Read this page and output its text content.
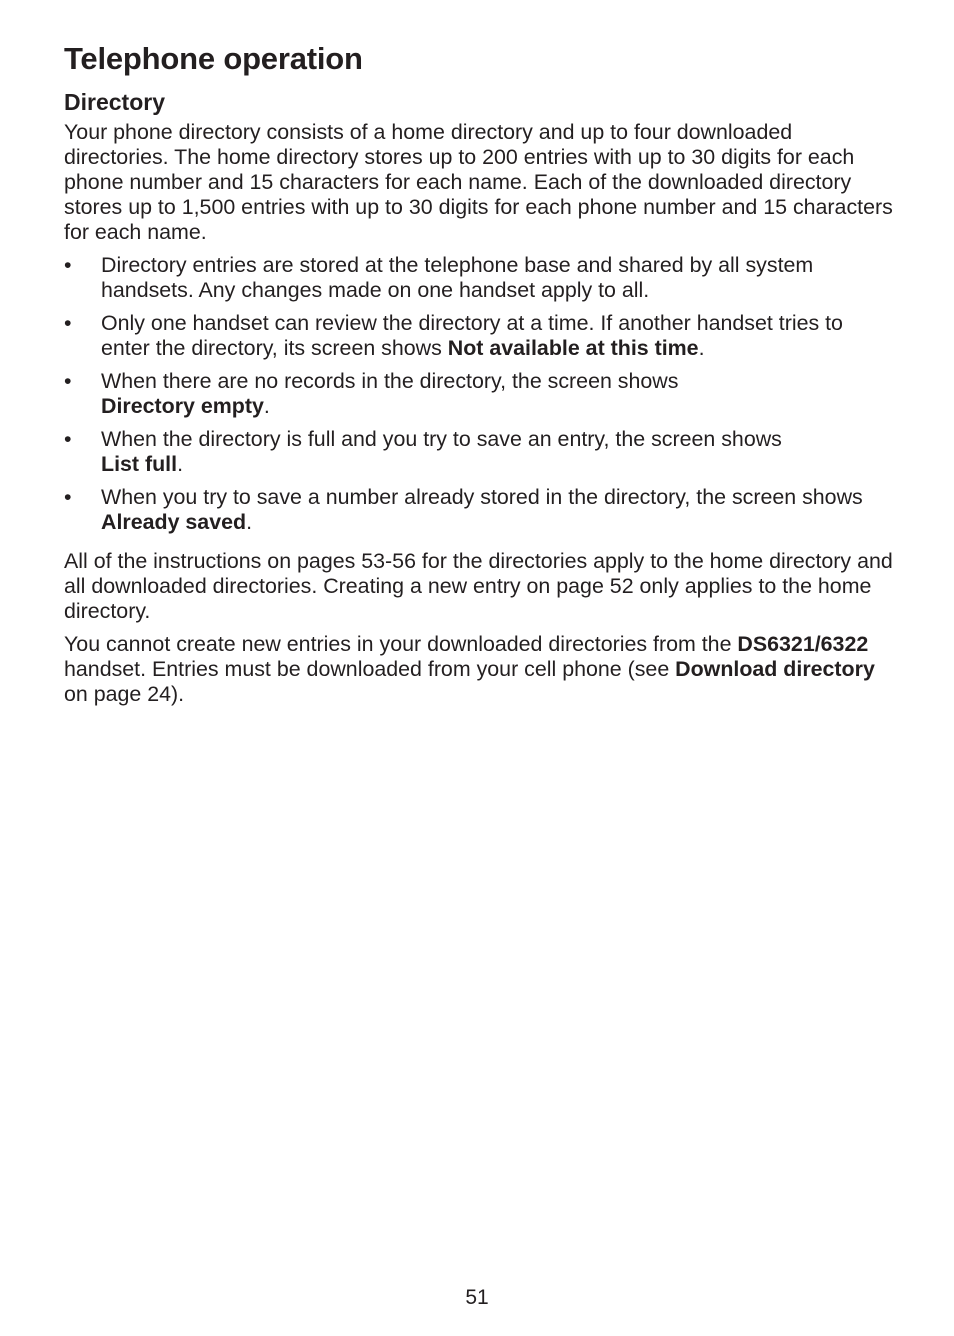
Telephone operation
Directory

Your phone directory consists of a home directory and up to four downloaded directories. The home directory stores up to 200 entries with up to 30 digits for each phone number and 15 characters for each name. Each of the downloaded directory stores up to 1,500 entries with up to 30 digits for each phone number and 15 characters for each name.

•	Directory entries are stored at the telephone base and shared by all system handsets. Any changes made on one handset apply to all.
•	Only one handset can review the directory at a time. If another handset tries to enter the directory, its screen shows Not available at this time.
•	When there are no records in the directory, the screen shows
Directory empty.
•	When the directory is full and you try to save an entry, the screen shows
List full.
•	When you try to save a number already stored in the directory, the screen shows Already saved.

All of the instructions on pages 53-56 for the directories apply to the home directory and all downloaded directories. Creating a new entry on page 52 only applies to the home directory.

You cannot create new entries in your downloaded directories from the DS6321/6322 handset. Entries must be downloaded from your cell phone (see Download directory on page 24).

51
